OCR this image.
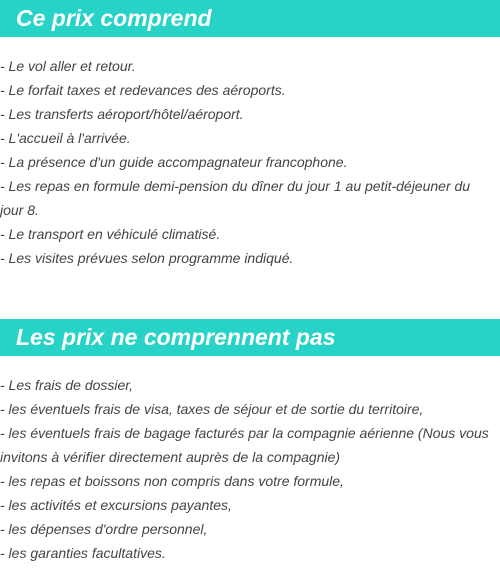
Ce prix comprend
- Le vol aller et retour.
- Le forfait taxes et redevances des aéroports.
- Les transferts aéroport/hôtel/aéroport.
- L'accueil à l'arrivée.
- La présence d'un guide accompagnateur francophone.
- Les repas en formule demi-pension du dîner du jour 1 au petit-déjeuner du jour 8.
- Le transport en véhiculé climatisé.
- Les visites prévues selon programme indiqué.
Les prix ne comprennent pas
- Les frais de dossier,
- les éventuels frais de visa, taxes de séjour et de sortie du territoire,
- les éventuels frais de bagage facturés par la compagnie aérienne (Nous vous invitons à vérifier directement auprès de la compagnie)
- les repas et boissons non compris dans votre formule,
- les activités et excursions payantes,
- les dépenses d'ordre personnel,
- les garanties facultatives.
